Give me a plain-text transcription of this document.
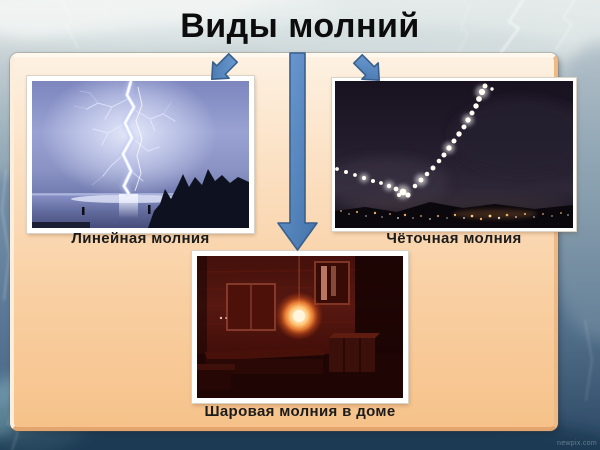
Виды молний
Линейная молния	Чёточная молния
Шаровая молния в доме
newpix.com
